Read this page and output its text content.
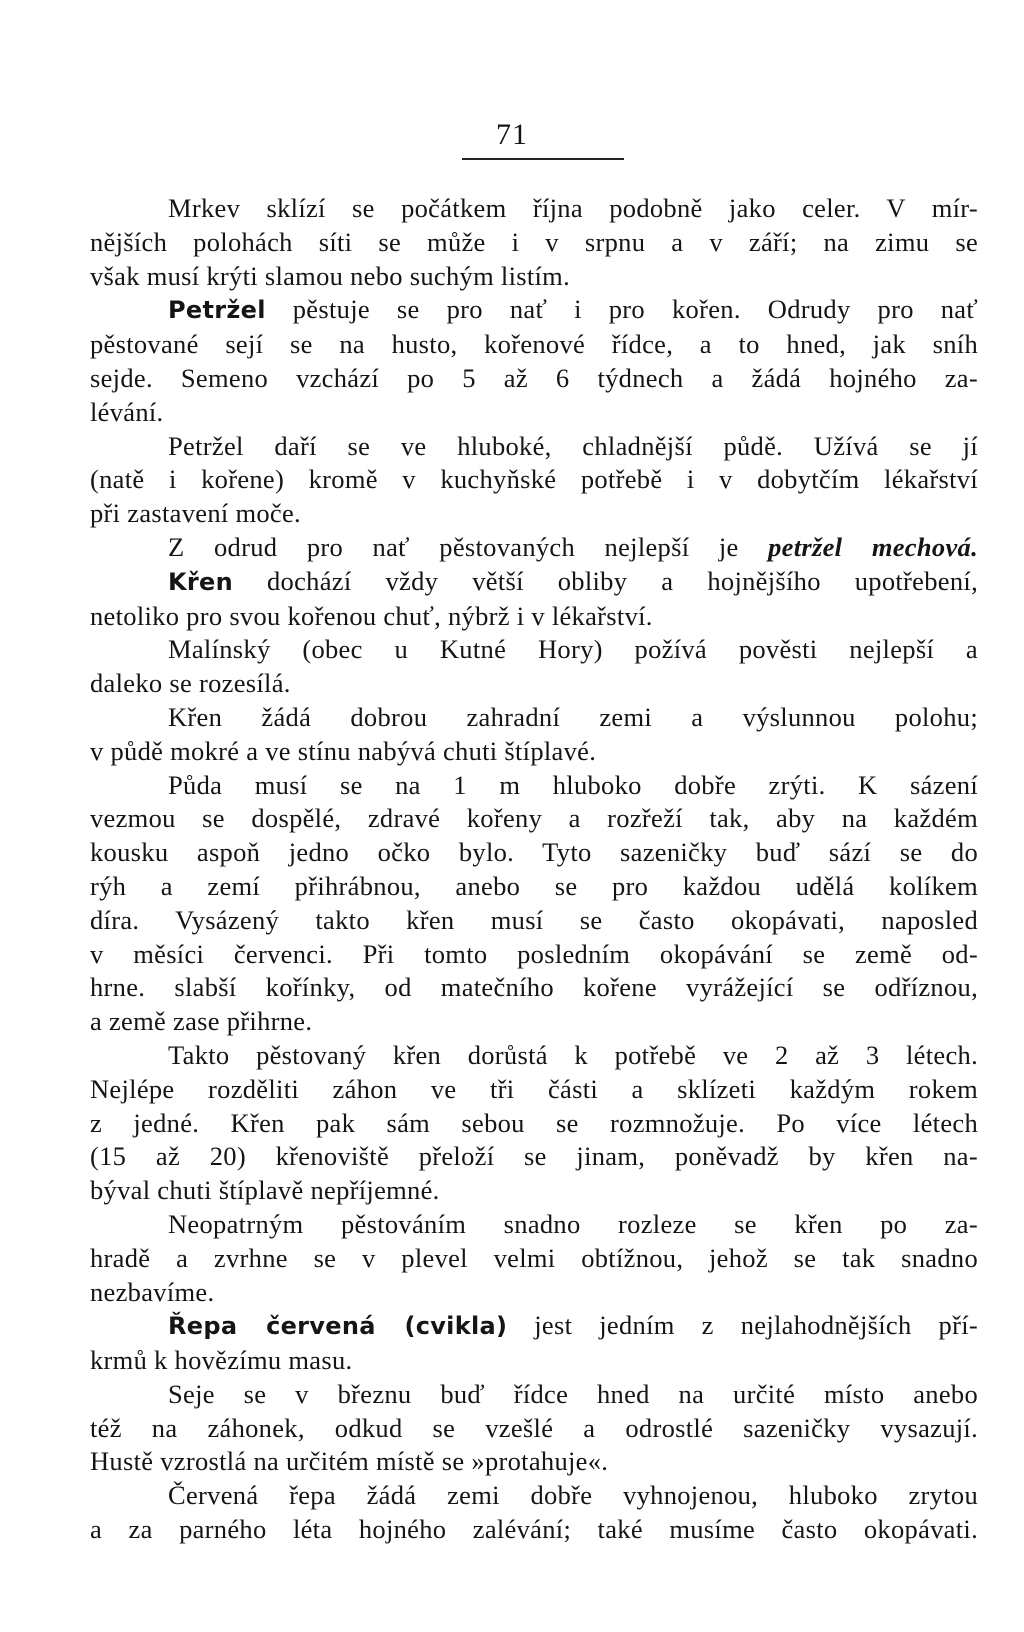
71
Mrkev sklízí se počátkem října podobně jako celer. V mír-
nějších polohách síti se může i v srpnu a v září; na zimu se
však musí krýti slamou nebo suchým listím.
Petržel pěstuje se pro nať i pro kořen. Odrudy pro nať
pěstované sejí se na husto, kořenové řídce, a to hned, jak sníh
sejde. Semeno vzchází po 5 až 6 týdnech a žádá hojného za-
lévání.
Petržel daří se ve hluboké, chladnější půdě. Užívá se jí
(natě i kořene) kromě v kuchyňské potřebě i v dobytčím lékařství
při zastavení moče.
Z odrud pro nať pěstovaných nejlepší je petržel mechová.
Křen dochází vždy větší obliby a hojnějšího upotřebení,
netoliko pro svou kořenou chuť, nýbrž i v lékařství.
Malínský (obec u Kutné Hory) požívá pověsti nejlepší a
daleko se rozesílá.
Křen žádá dobrou zahradní zemi a výslunnou polohu;
v půdě mokré a ve stínu nabývá chuti štíplavé.
Půda musí se na 1 m hluboko dobře zrýti. K sázení
vezmou se dospělé, zdravé kořeny a rozřeží tak, aby na každém
kousku aspoň jedno očko bylo. Tyto sazeničky buď sází se do
rýh a zemí přihrábnou, anebo se pro každou udělá kolíkem
díra. Vysázený takto křen musí se často okopávati, naposled
v měsíci červenci. Při tomto posledním okopávání se země od-
hrne. slabší kořínky, od matečního kořene vyrážející se odříznou,
a země zase přihrne.
Takto pěstovaný křen dorůstá k potřebě ve 2 až 3 létech.
Nejlépe rozděliti záhon ve tři části a sklízeti každým rokem
z jedné. Křen pak sám sebou se rozmnožuje. Po více létech
(15 až 20) křenoviště přeloží se jinam, poněvadž by křen na-
býval chuti štíplavě nepříjemné.
Neopatrným pěstováním snadno rozleze se křen po za-
hradě a zvrhne se v plevel velmi obtížnou, jehož se tak snadno
nezbavíme.
Řepa červená (cvikla) jest jedním z nejlahodnějších pří-
krmů k hovězímu masu.
Seje se v březnu buď řídce hned na určité místo anebo
též na záhonek, odkud se vzešlé a odrostlé sazeničky vysazují.
Hustě vzrostlá na určitém místě se »protahuje«.
Červená řepa žádá zemi dobře vyhnojenou, hluboko zrytou
a za parného léta hojného zalévání; také musíme často okopávati.
